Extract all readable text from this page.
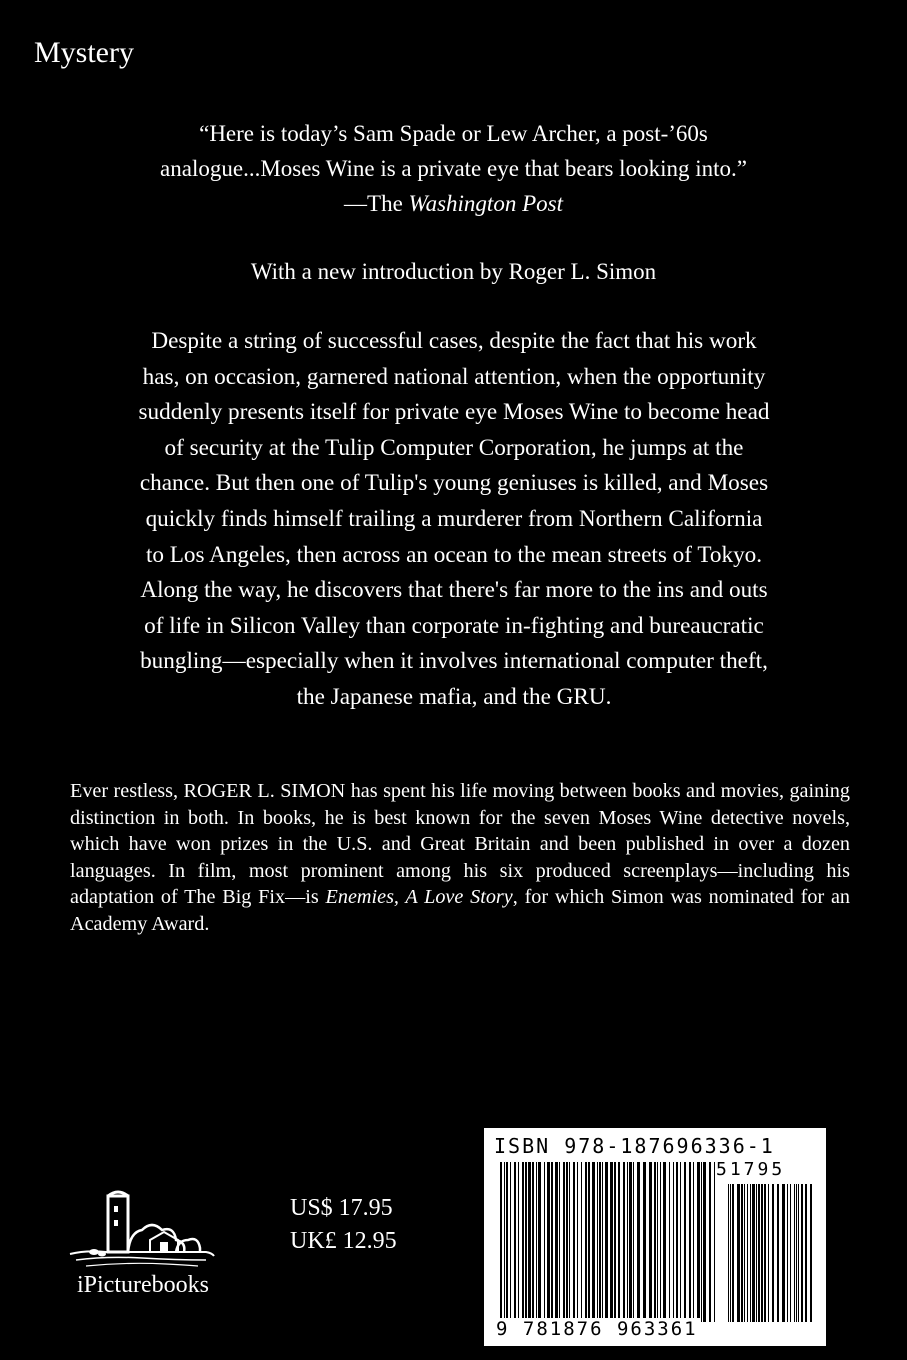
Mystery

“Here is today’s Sam Spade or Lew Archer, a post-’60s

analogue...Moses Wine is a private eye that bears looking into.”

—The Washington Post

With a new introduction by Roger L. Simon

Despite a string of successful cases, despite the fact that his work

has, on occasion, garnered national attention, when the opportunity

suddenly presents itself for private eye Moses Wine to become head

of security at the Tulip Computer Corporation, he jumps at the

chance. But then one of Tulip's young geniuses is killed, and Moses

quickly finds himself trailing a murderer from Northern California

to Los Angeles, then across an ocean to the mean streets of Tokyo.

Along the way, he discovers that there's far more to the ins and outs

of life in Silicon Valley than corporate in-fighting and bureaucratic

bungling—especially when it involves international computer theft,

the Japanese mafia, and the GRU.

Ever restless, ROGER L. SIMON has spent his life moving between books and movies, gaining distinction in both. In books, he is best known for the seven Moses Wine detective novels, which have won prizes in the U.S. and Great Britain and been published in over a dozen languages. In film, most prominent among his six produced screenplays—including his adaptation of The Big Fix—is Enemies, A Love Story, for which Simon was nominated for an Academy Award.

iPicturebooks
US$ 17.95
UK£ 12.95
ISBN 978-187696336-1
51795
9 781876 963361
